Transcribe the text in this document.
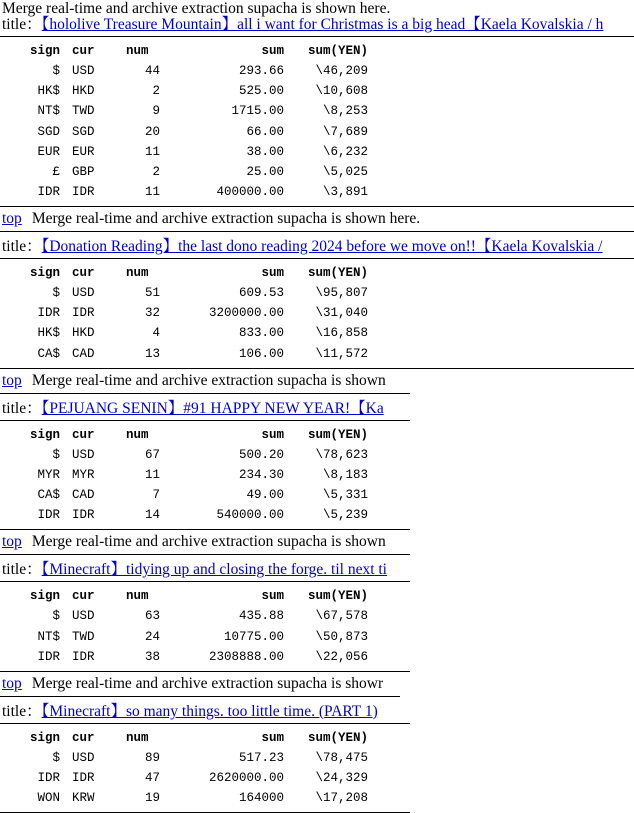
Merge real-time and archive extraction supacha is shown here.
title：【hololive Treasure Mountain】all i want for Christmas is a big head【Kaela Kovalskia / h
sign	cur	num	sum	sum(YEN)
$	USD	44	293.66	\46,209
HK$	HKD	2	525.00	\10,608
NT$	TWD	9	1715.00	\8,253
SGD	SGD	20	66.00	\7,689
EUR	EUR	11	38.00	\6,232
£	GBP	2	25.00	\5,025
IDR	IDR	11	400000.00	\3,891
top Merge real-time and archive extraction supacha is shown here.
title：【Donation Reading】the last dono reading 2024 before we move on!!【Kaela Kovalskia /
sign	cur	num	sum	sum(YEN)
$	USD	51	609.53	\95,807
IDR	IDR	32	3200000.00	\31,040
HK$	HKD	4	833.00	\16,858
CA$	CAD	13	106.00	\11,572
top Merge real-time and archive extraction supacha is shown
title：【PEJUANG SENIN】#91 HAPPY NEW YEAR!【Ka
sign	cur	num	sum	sum(YEN)
$	USD	67	500.20	\78,623
MYR	MYR	11	234.30	\8,183
CA$	CAD	7	49.00	\5,331
IDR	IDR	14	540000.00	\5,239
top Merge real-time and archive extraction supacha is shown
title：【Minecraft】tidying up and closing the forge. til next ti
sign	cur	num	sum	sum(YEN)
$	USD	63	435.88	\67,578
NT$	TWD	24	10775.00	\50,873
IDR	IDR	38	2308888.00	\22,056
top Merge real-time and archive extraction supacha is showr
title：【Minecraft】so many things. too little time. (PART 1)
sign	cur	num	sum	sum(YEN)
$	USD	89	517.23	\78,475
IDR	IDR	47	2620000.00	\24,329
WON	KRW	19	164000	\17,208
